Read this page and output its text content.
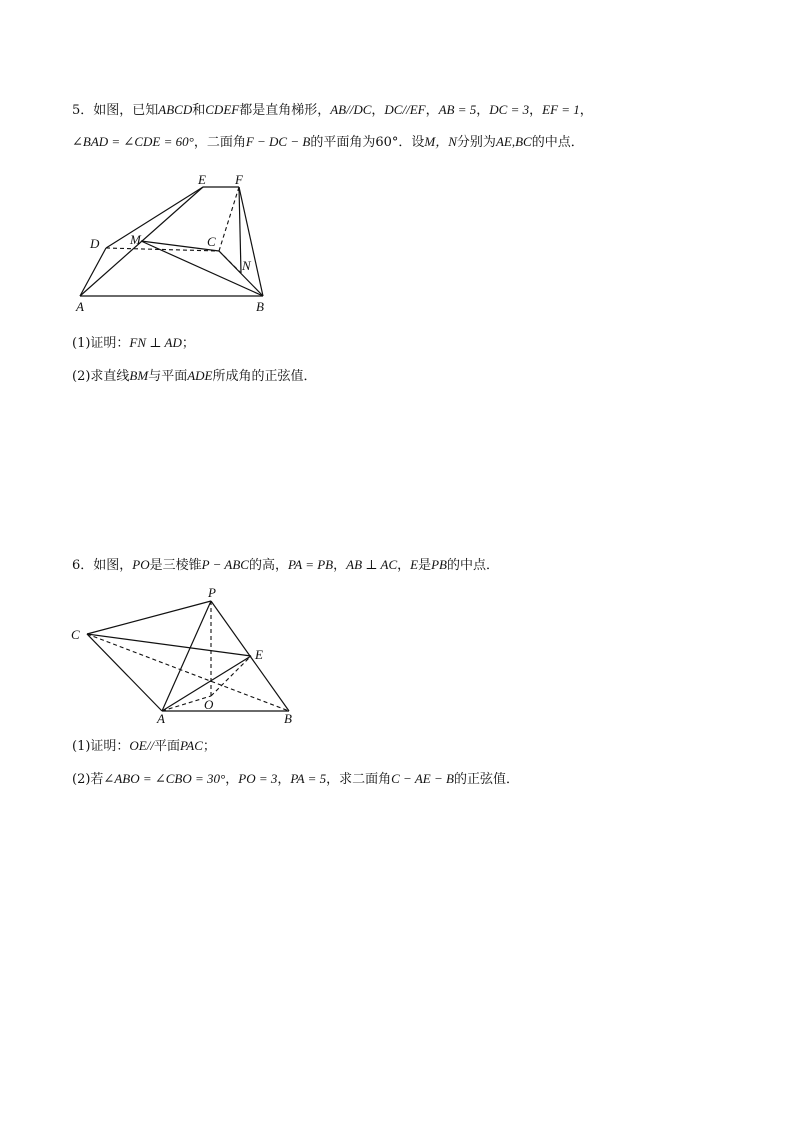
5．如图，已知ABCD和CDEF都是直角梯形，AB//DC，DC//EF，AB = 5，DC = 3，EF = 1，
∠BAD = ∠CDE = 60°，二面角F − DC − B的平面角为60°．设M，N分别为AE,BC的中点．
E F
D M	C
N
A	B
(1)证明：FN ⊥ AD；
(2)求直线BM与平面ADE所成角的正弦值．
6．如图，PO是三棱锥P − ABC的高，PA = PB，AB ⊥ AC，E是PB的中点．
P
C
E
A
O
B
(1)证明：OE//平面PAC；
(2)若∠ABO = ∠CBO = 30°，PO = 3，PA = 5，求二面角C − AE − B的正弦值．
